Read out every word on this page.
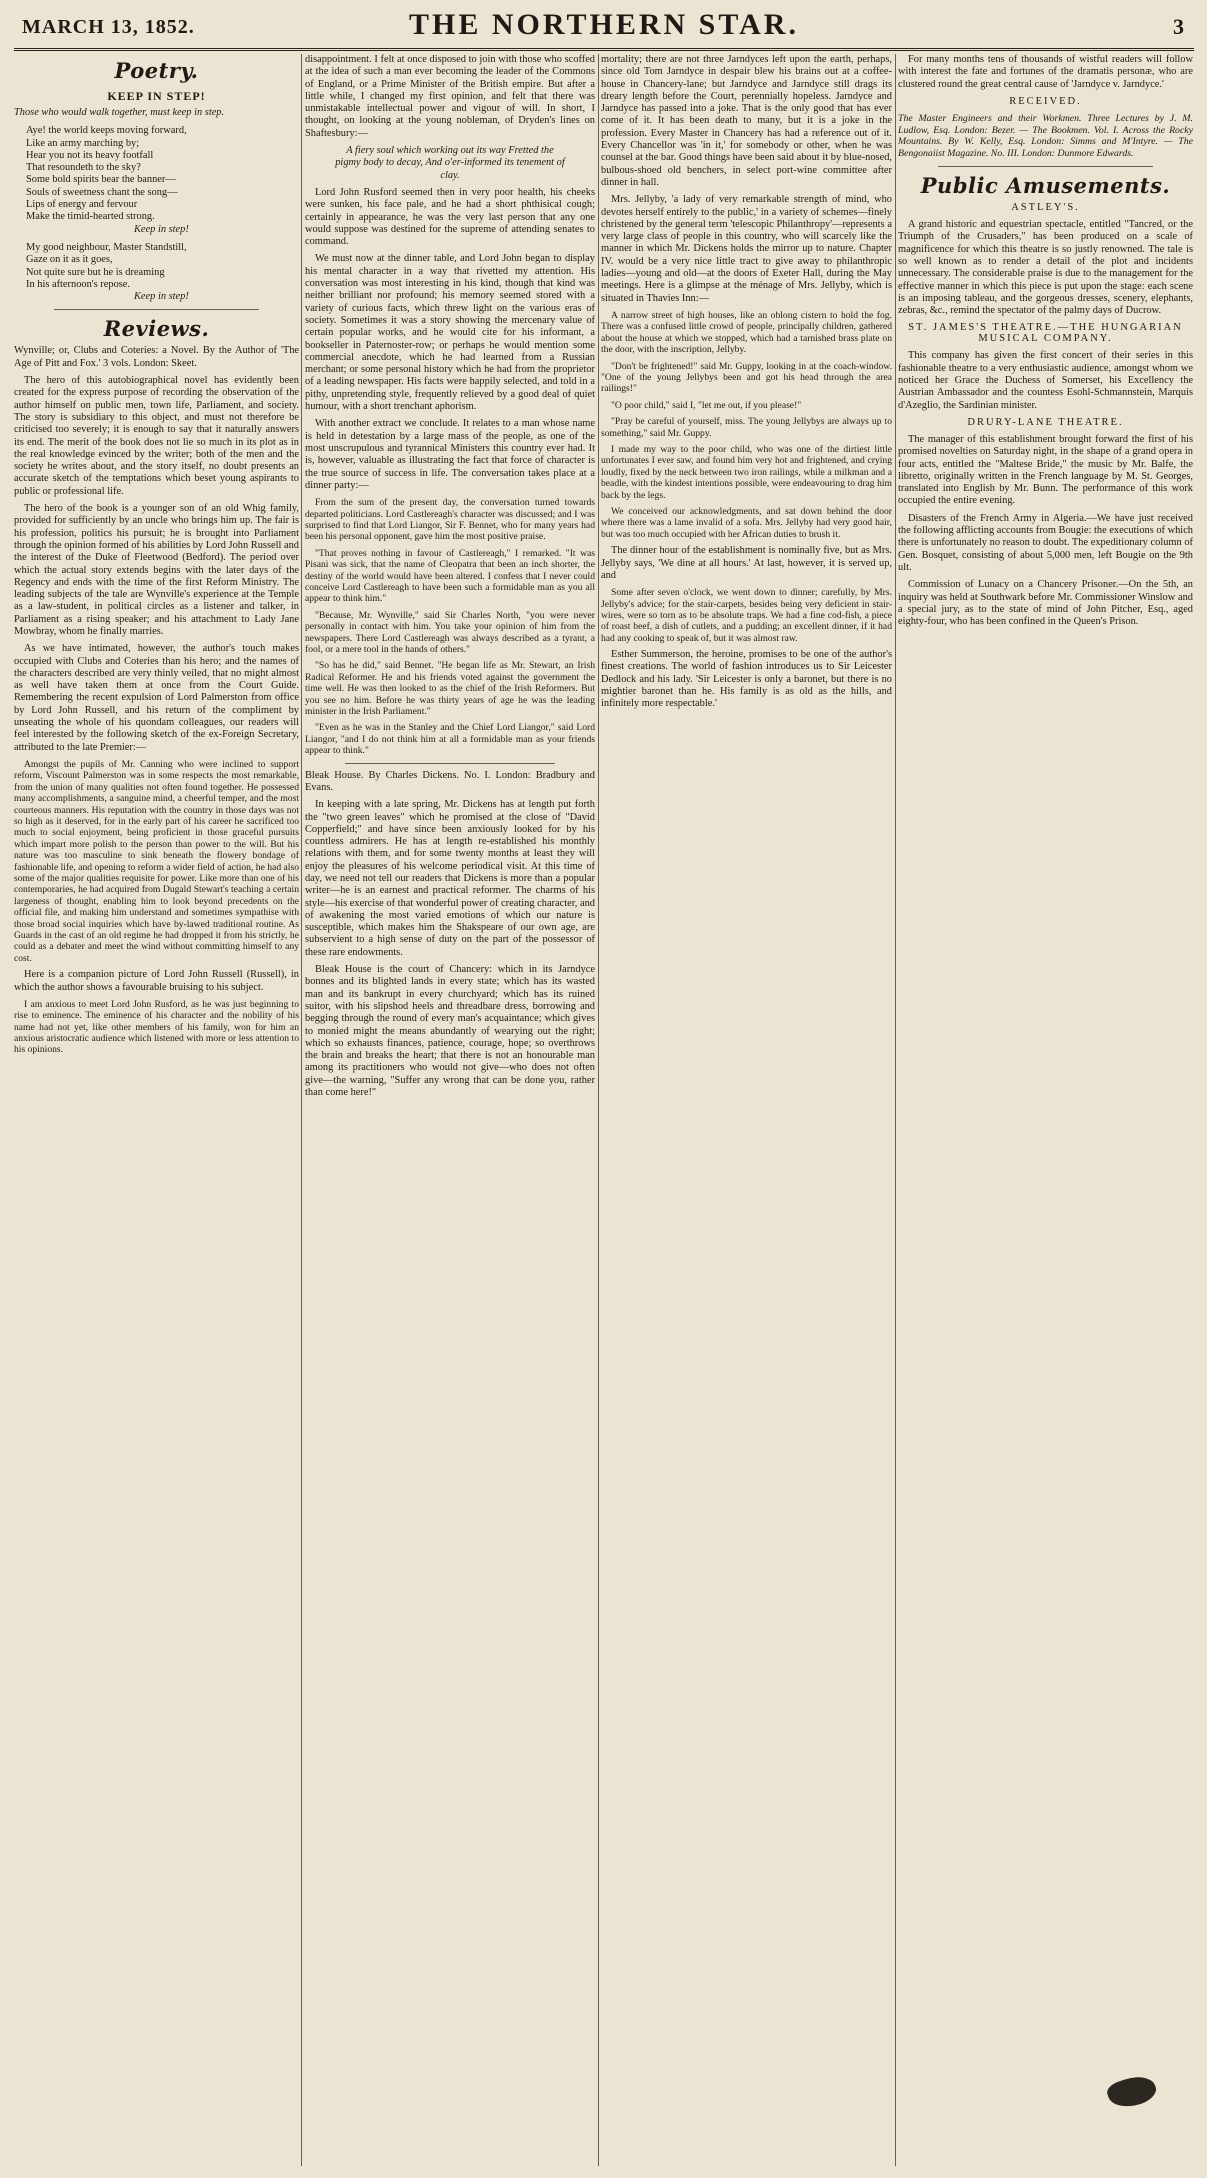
MARCH 13, 1852.	THE NORTHERN STAR.	3
Poetry.
KEEP IN STEP!

Those who would walk together, must keep in step.

Aye! the world keeps moving forward,

Like an army marching by;

Hear you not its heavy footfall

That resoundeth to the sky?

Some bold spirits bear the banner—

Souls of sweetness chant the song—

Lips of energy and fervour

Make the timid-hearted strong.

Keep in step!

My good neighbour, Master Standstill,

Gaze on it as it goes,

Not quite sure but he is dreaming

In his afternoon's repose.

Keep in step!

Reviews.
Wynville; or, Clubs and Coteries: a Novel. By the Author of 'The Age of Pitt and Fox.' 3 vols. London: Skeet.

The hero of this autobiographical novel has evidently been created for the express purpose of recording the observation of the author himself on public men, town life, Parliament, and society. The story is subsidiary to this object, and must not therefore be criticised too severely; it is enough to say that it naturally answers its end. The merit of the book does not lie so much in its plot as in the real knowledge evinced by the writer; both of the men and the society he writes about, and the story itself, no doubt presents an accurate sketch of the temptations which beset young aspirants to public or professional life.

The hero of the book is a younger son of an old Whig family, provided for sufficiently by an uncle who brings him up. The fair is his profession, politics his pursuit; he is brought into Parliament through the opinion formed of his abilities by Lord John Russell and the interest of the Duke of Fleetwood (Bedford). The period over which the actual story extends begins with the later days of the Regency and ends with the time of the first Reform Ministry. The leading subjects of the tale are Wynville's experience at the Temple as a law-student, in political circles as a listener and talker, in Parliament as a rising speaker; and his attachment to Lady Jane Mowbray, whom he finally marries.

As we have intimated, however, the author's touch makes occupied with Clubs and Coteries than his hero; and the names of the characters described are very thinly veiled, that no might almost as well have taken them at once from the Court Guide. Remembering the recent expulsion of Lord Palmerston from office by Lord John Russell, and his return of the compliment by unseating the whole of his quondam colleagues, our readers will feel interested by the following sketch of the ex-Foreign Secretary, attributed to the late Premier:—

Amongst the pupils of Mr. Canning who were inclined to support reform, Viscount Palmerston was in some respects the most remarkable, from the union of many qualities not often found together. He possessed many accomplishments, a sanguine mind, a cheerful temper, and the most courteous manners. His reputation with the country in those days was not so high as it deserved, for in the early part of his career he sacrificed too much to social enjoyment, being proficient in those graceful pursuits which impart more polish to the person than power to the will. But his nature was too masculine to sink beneath the flowery bondage of fashionable life, and opening to reform a wider field of action, he had also some of the major qualities requisite for power. Like more than one of his contemporaries, he had acquired from Dugald Stewart's teaching a certain largeness of thought, enabling him to look beyond precedents on the official file, and making him understand and sometimes sympathise with those broad social inquiries which have by-lawed traditional routine. As Guards in the cast of an old regime he had dropped it from his strictly, he could as a debater and meet the wind without committing himself to any cost.

Here is a companion picture of Lord John Russell (Russell), in which the author shows a favourable bruising to his subject.

I am anxious to meet Lord John Rusford, as he was just beginning to rise to eminence. The eminence of his character and the nobility of his name had not yet, like other members of his family, won for him an anxious aristocratic audience which listened with more or less attention to his opinions.

disappointment. I felt at once disposed to join with those who scoffed at the idea of such a man ever becoming the leader of the Commons of England, or a Prime Minister of the British empire. But after a little while, I changed my first opinion, and felt that there was unmistakable intellectual power and vigour of will. In short, I thought, on looking at the young nobleman, of Dryden's lines on Shaftesbury:—

A fiery soul which working out its way Fretted the pigmy body to decay, And o'er-informed its tenement of clay.

Lord John Rusford seemed then in very poor health, his cheeks were sunken, his face pale, and he had a short phthisical cough; certainly in appearance, he was the very last person that any one would suppose was destined for the supreme of attending senates to command.

We must now at the dinner table, and Lord John began to display his mental character in a way that rivetted my attention. His conversation was most interesting in his kind, though that kind was neither brilliant nor profound; his memory seemed stored with a variety of curious facts, which threw light on the various eras of society. Sometimes it was a story showing the mercenary value of certain popular works, and he would cite for his informant, a bookseller in Paternoster-row; or perhaps he would mention some commercial anecdote, which he had learned from a Russian merchant; or some personal history which he had from the proprietor of a leading newspaper. His facts were happily selected, and told in a pithy, unpretending style, frequently relieved by a good deal of quiet humour, with a short trenchant aphorism.

With another extract we conclude. It relates to a man whose name is held in detestation by a large mass of the people, as one of the most unscrupulous and tyrannical Ministers this country ever had. It is, however, valuable as illustrating the fact that force of character is the true source of success in life. The conversation takes place at a dinner party:—

From the sum of the present day, the conversation turned towards departed politicians. Lord Castlereagh's character was discussed; and I was surprised to find that Lord Liangor, Sir F. Bennet, who for many years had been his personal opponent, gave him the most positive praise.

"That proves nothing in favour of Castlereagh," I remarked. "It was Pisani was sick, that the name of Cleopatra that been an inch shorter, the destiny of the world would have been altered. I confess that I never could conceive Lord Castlereagh to have been such a formidable man as you all appear to think him."

"Because, Mr. Wynville," said Sir Charles North, "you were never personally in contact with him. You take your opinion of him from the newspapers. There Lord Castlereagh was always described as a tyrant, a fool, or a mere tool in the hands of others."

"So has he did," said Bennet. "He began life as Mr. Stewart, an Irish Radical Reformer. He and his friends voted against the government the time well. He was then looked to as the chief of the Irish Reformers. But you see no him. Before he was thirty years of age he was the leading minister in the Irish Parliament."

"Even as he was in the Stanley and the Chief Lord Liangor," said Lord Liangor, "and I do not think him at all a formidable man as your friends appear to think."

Bleak House. By Charles Dickens. No. I. London: Bradbury and Evans.

In keeping with a late spring, Mr. Dickens has at length put forth the "two green leaves" which he promised at the close of "David Copperfield;" and have since been anxiously looked for by his countless admirers. He has at length re-established his monthly relations with them, and for some twenty months at least they will enjoy the pleasures of his welcome periodical visit. At this time of day, we need not tell our readers that Dickens is more than a popular writer—he is an earnest and practical reformer. The charms of his style—his exercise of that wonderful power of creating character, and of awakening the most varied emotions of which our nature is susceptible, which makes him the Shakspeare of our own age, are subservient to a high sense of duty on the part of the possessor of these rare endowments.

Bleak House is the court of Chancery: which in its Jarndyce bonnes and its blighted lands in every state; which has its wasted man and its bankrupt in every churchyard; which has its ruined suitor, with his slipshod heels and threadbare dress, borrowing and begging through the round of every man's acquaintance; which gives to monied might the means abundantly of wearying out the right; which so exhausts finances, patience, courage, hope; so overthrows the brain and breaks the heart; that there is not an honourable man among its practitioners who would not give—who does not often give—the warning, "Suffer any wrong that can be done you, rather than come here!"

mortality; there are not three Jarndyces left upon the earth, perhaps, since old Tom Jarndyce in despair blew his brains out at a coffee-house in Chancery-lane; but Jarndyce and Jarndyce still drags its dreary length before the Court, perennially hopeless. Jarndyce and Jarndyce has passed into a joke. That is the only good that has ever come of it. It has been death to many, but it is a joke in the profession. Every Master in Chancery has had a reference out of it. Every Chancellor was 'in it,' for somebody or other, when he was counsel at the bar. Good things have been said about it by blue-nosed, bulbous-shoed old benchers, in select port-wine committee after dinner in hall.

Mrs. Jellyby, 'a lady of very remarkable strength of mind, who devotes herself entirely to the public,' in a variety of schemes—finely christened by the general term 'telescopic Philanthropy'—represents a very large class of people in this country, who will scarcely like the manner in which Mr. Dickens holds the mirror up to nature. Chapter IV. would be a very nice little tract to give away to philanthropic ladies—young and old—at the doors of Exeter Hall, during the May meetings. Here is a glimpse at the ménage of Mrs. Jellyby, which is situated in Thavies Inn:—

A narrow street of high houses, like an oblong cistern to hold the fog. There was a confused little crowd of people, principally children, gathered about the house at which we stopped, which had a tarnished brass plate on the door, with the inscription, Jellyby.

"Don't be frightened!" said Mr. Guppy, looking in at the coach-window. "One of the young Jellybys been and got his head through the area railings!"

"O poor child," said I, "let me out, if you please!"

"Pray be careful of yourself, miss. The young Jellybys are always up to something," said Mr. Guppy.

I made my way to the poor child, who was one of the dirtiest little unfortunates I ever saw, and found him very hot and frightened, and crying loudly, fixed by the neck between two iron railings, while a milkman and a beadle, with the kindest intentions possible, were endeavouring to drag him back by the legs.

We conceived our acknowledgments, and sat down behind the door where there was a lame invalid of a sofa. Mrs. Jellyby had very good hair, but was too much occupied with her African duties to brush it.

The dinner hour of the establishment is nominally five, but as Mrs. Jellyby says, 'We dine at all hours.' At last, however, it is served up, and

Some after seven o'clock, we went down to dinner; carefully, by Mrs. Jellyby's advice; for the stair-carpets, besides being very deficient in stair-wires, were so torn as to be absolute traps. We had a fine cod-fish, a piece of roast beef, a dish of cutlets, and a pudding; an excellent dinner, if it had had any cooking to speak of, but it was almost raw.

Esther Summerson, the heroine, promises to be one of the author's finest creations. The world of fashion introduces us to Sir Leicester Dedlock and his lady. 'Sir Leicester is only a baronet, but there is no mightier baronet than he. His family is as old as the hills, and infinitely more respectable.'

For many months tens of thousands of wistful readers will follow with interest the fate and fortunes of the dramatis personæ, who are clustered round the great central cause of 'Jarndyce v. Jarndyce.'

RECEIVED.

The Master Engineers and their Workmen. Three Lectures by J. M. Ludlow, Esq. London: Bezer. — The Bookmen. Vol. I. Across the Rocky Mountains. By W. Kelly, Esq. London: Simms and M'Intyre. — The Bengonaiist Magazine. No. III. London: Dunmore Edwards.

Public Amusements.
ASTLEY'S.

A grand historic and equestrian spectacle, entitled "Tancred, or the Triumph of the Crusaders," has been produced on a scale of magnificence for which this theatre is so justly renowned. The tale is so well known as to render a detail of the plot and incidents unnecessary. The considerable praise is due to the management for the effective manner in which this piece is put upon the stage: each scene is an imposing tableau, and the gorgeous dresses, scenery, elephants, zebras, &c., remind the spectator of the palmy days of Ducrow.

ST. JAMES'S THEATRE.—THE HUNGARIAN MUSICAL COMPANY.

This company has given the first concert of their series in this fashionable theatre to a very enthusiastic audience, amongst whom we noticed her Grace the Duchess of Somerset, his Excellency the Austrian Ambassador and the countess Esohl-Schmannstein, Marquis d'Azeglio, the Sardinian minister.

DRURY-LANE THEATRE.

The manager of this establishment brought forward the first of his promised novelties on Saturday night, in the shape of a grand opera in four acts, entitled the "Maltese Bride," the music by Mr. Balfe, the libretto, originally written in the French language by M. St. Georges, translated into English by Mr. Bunn. The performance of this work occupied the entire evening.

Disasters of the French Army in Algeria.—We have just received the following afflicting accounts from Bougie: the executions of which there is unfortunately no reason to doubt. The expeditionary column of Gen. Bosquet, consisting of about 5,000 men, left Bougie on the 9th ult.

Commission of Lunacy on a Chancery Prisoner.—On the 5th, an inquiry was held at Southwark before Mr. Commissioner Winslow and a special jury, as to the state of mind of John Pitcher, Esq., aged eighty-four, who has been confined in the Queen's Prison.
